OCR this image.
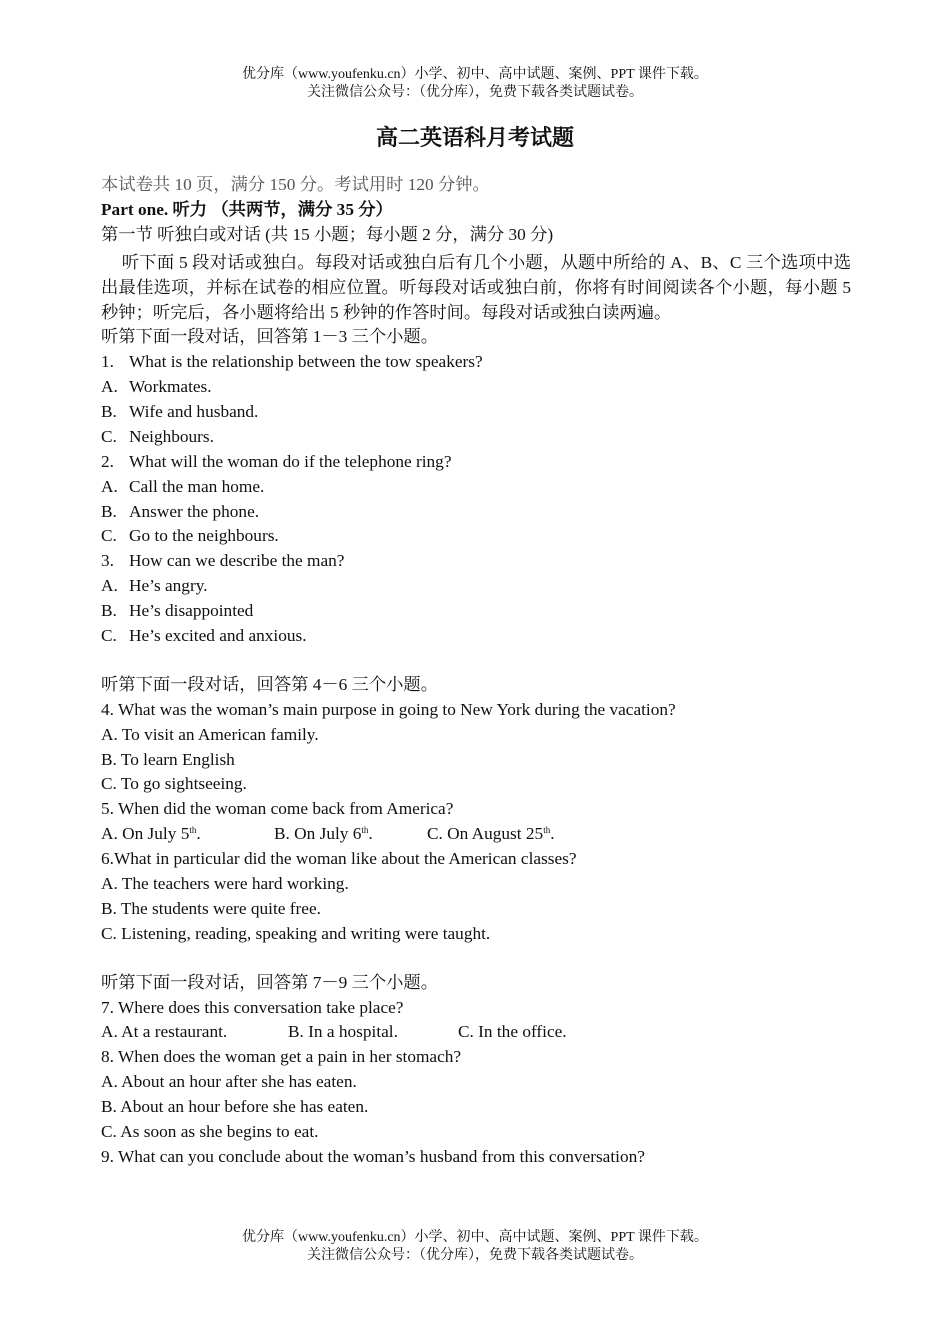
优分库（www.youfenku.cn）小学、初中、高中试题、案例、PPT 课件下载。
关注微信公众号：（优分库），免费下载各类试题试卷。
高二英语科月考试题
本试卷共 10 页，满分 150 分。考试用时 120 分钟。
Part one. 听力 （共两节，满分 35 分）
第一节 听独白或对话 (共 15 小题；每小题 2 分，满分 30 分)
听下面 5 段对话或独白。每段对话或独白后有几个小题，从题中所给的 A、B、C 三个选项中选出最佳选项，并标在试卷的相应位置。听每段对话或独白前，你将有时间阅读各个小题，每小题 5 秒钟；听完后，各小题将给出 5 秒钟的作答时间。每段对话或独白读两遍。
听第下面一段对话，回答第 1－3 三个小题。
1. What is the relationship between the tow speakers?
A. Workmates.
B. Wife and husband.
C. Neighbours.
2. What will the woman do if the telephone ring?
A. Call the man home.
B. Answer the phone.
C. Go to the neighbours.
3. How can we describe the man?
A. He’s angry.
B. He’s disappointed
C. He’s excited and anxious.
听第下面一段对话，回答第 4－6 三个小题。
4. What was the woman’s main purpose in going to New York during the vacation?
A. To visit an American family.
B. To learn English
C. To go sightseeing.
5. When did the woman come back from America?
A. On July 5th.	B. On July 6th.	C. On August 25th.
6.What in particular did the woman like about the American classes?
A. The teachers were hard working.
B. The students were quite free.
C. Listening, reading, speaking and writing were taught.
听第下面一段对话，回答第 7－9 三个小题。
7. Where does this conversation take place?
A. At a restaurant.	B. In a hospital.	C. In the office.
8. When does the woman get a pain in her stomach?
A. About an hour after she has eaten.
B. About an hour before she has eaten.
C. As soon as she begins to eat.
9. What can you conclude about the woman’s husband from this conversation?
优分库（www.youfenku.cn）小学、初中、高中试题、案例、PPT 课件下载。
关注微信公众号：（优分库），免费下载各类试题试卷。
